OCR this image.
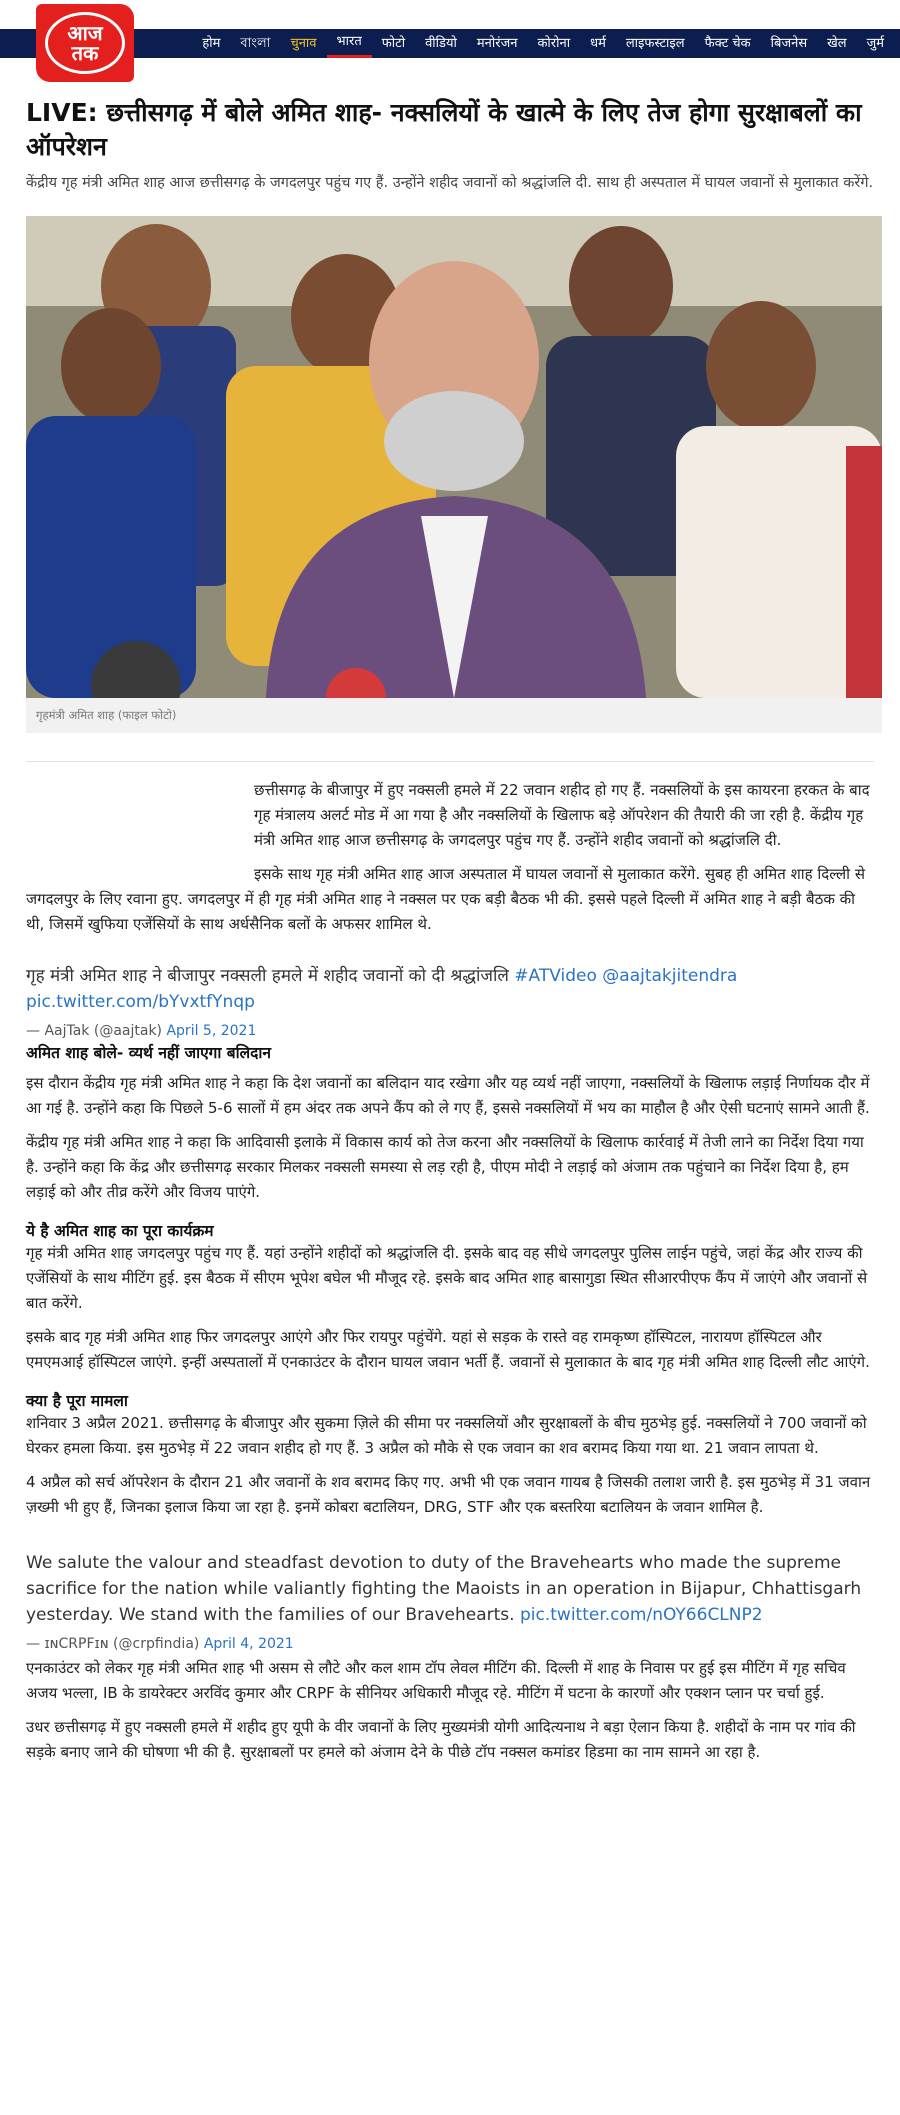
आज
तक	होम	বাংলা	चुनाव	भारत	फोटो	वीडियो	मनोरंजन	कोरोना	धर्म	लाइफस्टाइल	फैक्ट चेक	बिजनेस	खेल	जुर्म
LIVE: छत्तीसगढ़ में बोले अमित शाह- नक्सलियों के खात्मे के लिए तेज होगा सुरक्षाबलों का ऑपरेशन

केंद्रीय गृह मंत्री अमित शाह आज छत्तीसगढ़ के जगदलपुर पहुंच गए हैं. उन्होंने शहीद जवानों को श्रद्धांजलि दी. साथ ही अस्पताल में घायल जवानों से मुलाकात करेंगे.

गृहमंत्री अमित शाह (फाइल फोटो)

छत्तीसगढ़ के बीजापुर में हुए नक्सली हमले में 22 जवान शहीद हो गए हैं. नक्सलियों के इस कायरना हरकत के बाद गृह मंत्रालय अलर्ट मोड में आ गया है और नक्सलियों के खिलाफ बड़े ऑपरेशन की तैयारी की जा रही है. केंद्रीय गृह मंत्री अमित शाह आज छत्तीसगढ़ के जगदलपुर पहुंच गए हैं. उन्होंने शहीद जवानों को श्रद्धांजलि दी.

इसके साथ गृह मंत्री अमित शाह आज अस्पताल में घायल जवानों से मुलाकात करेंगे. सुबह ही अमित शाह दिल्ली से जगदलपुर के लिए रवाना हुए. जगदलपुर में ही गृह मंत्री अमित शाह ने नक्सल पर एक बड़ी बैठक भी की. इससे पहले दिल्ली में अमित शाह ने बड़ी बैठक की थी, जिसमें खुफिया एजेंसियों के साथ अर्धसैनिक बलों के अफसर शामिल थे.

गृह मंत्री अमित शाह ने बीजापुर नक्सली हमले में शहीद जवानों को दी श्रद्धांजलि #ATVideo @aajtakjitendra
pic.twitter.com/bYvxtfYnqp

— AajTak (@aajtak) April 5, 2021

अमित शाह बोले- व्यर्थ नहीं जाएगा बलिदान

इस दौरान केंद्रीय गृह मंत्री अमित शाह ने कहा कि देश जवानों का बलिदान याद रखेगा और यह व्यर्थ नहीं जाएगा, नक्सलियों के खिलाफ लड़ाई निर्णायक दौर में आ गई है. उन्होंने कहा कि पिछले 5-6 सालों में हम अंदर तक अपने कैंप को ले गए हैं, इससे नक्सलियों में भय का माहौल है और ऐसी घटनाएं सामने आती हैं.

केंद्रीय गृह मंत्री अमित शाह ने कहा कि आदिवासी इलाके में विकास कार्य को तेज करना और नक्सलियों के खिलाफ कार्रवाई में तेजी लाने का निर्देश दिया गया है. उन्होंने कहा कि केंद्र और छत्तीसगढ़ सरकार मिलकर नक्सली समस्या से लड़ रही है, पीएम मोदी ने लड़ाई को अंजाम तक पहुंचाने का निर्देश दिया है, हम लड़ाई को और तीव्र करेंगे और विजय पाएंगे.

ये है अमित शाह का पूरा कार्यक्रम

गृह मंत्री अमित शाह जगदलपुर पहुंच गए हैं. यहां उन्होंने शहीदों को श्रद्धांजलि दी. इसके बाद वह सीधे जगदलपुर पुलिस लाईन पहुंचे, जहां केंद्र और राज्य की एजेंसियों के साथ मीटिंग हुई. इस बैठक में सीएम भूपेश बघेल भी मौजूद रहे. इसके बाद अमित शाह बासागुडा स्थित सीआरपीएफ कैंप में जाएंगे और जवानों से बात करेंगे.

इसके बाद गृह मंत्री अमित शाह फिर जगदलपुर आएंगे और फिर रायपुर पहुंचेंगे. यहां से सड़क के रास्ते वह रामकृष्ण हॉस्पिटल, नारायण हॉस्पिटल और एमएमआई हॉस्पिटल जाएंगे. इन्हीं अस्पतालों में एनकाउंटर के दौरान घायल जवान भर्ती हैं. जवानों से मुलाकात के बाद गृह मंत्री अमित शाह दिल्ली लौट आएंगे.

क्या है पूरा मामला

शनिवार 3 अप्रैल 2021. छत्तीसगढ़ के बीजापुर और सुकमा ज़िले की सीमा पर नक्सलियों और सुरक्षाबलों के बीच मुठभेड़ हुई. नक्सलियों ने 700 जवानों को घेरकर हमला किया. इस मुठभेड़ में 22 जवान शहीद हो गए हैं. 3 अप्रैल को मौके से एक जवान का शव बरामद किया गया था. 21 जवान लापता थे.

4 अप्रैल को सर्च ऑपरेशन के दौरान 21 और जवानों के शव बरामद किए गए. अभी भी एक जवान गायब है जिसकी तलाश जारी है. इस मुठभेड़ में 31 जवान ज़ख्मी भी हुए हैं, जिनका इलाज किया जा रहा है. इनमें कोबरा बटालियन, DRG, STF और एक बस्तरिया बटालियन के जवान शामिल है.

We salute the valour and steadfast devotion to duty of the Bravehearts who made the supreme sacrifice for the nation while valiantly fighting the Maoists in an operation in Bijapur, Chhattisgarh yesterday. We stand with the families of our Bravehearts. pic.twitter.com/nOY66CLNP2

— ɪɴCRPFɪɴ (@crpfindia) April 4, 2021

एनकाउंटर को लेकर गृह मंत्री अमित शाह भी असम से लौटे और कल शाम टॉप लेवल मीटिंग की. दिल्ली में शाह के निवास पर हुई इस मीटिंग में गृह सचिव अजय भल्ला, IB के डायरेक्टर अरविंद कुमार और CRPF के सीनियर अधिकारी मौजूद रहे. मीटिंग में घटना के कारणों और एक्शन प्लान पर चर्चा हुई.

उधर छत्तीसगढ़ में हुए नक्सली हमले में शहीद हुए यूपी के वीर जवानों के लिए मुख्यमंत्री योगी आदित्यनाथ ने बड़ा ऐलान किया है. शहीदों के नाम पर गांव की सड़के बनाए जाने की घोषणा भी की है. सुरक्षाबलों पर हमले को अंजाम देने के पीछे टॉप नक्सल कमांडर हिडमा का नाम सामने आ रहा है.
